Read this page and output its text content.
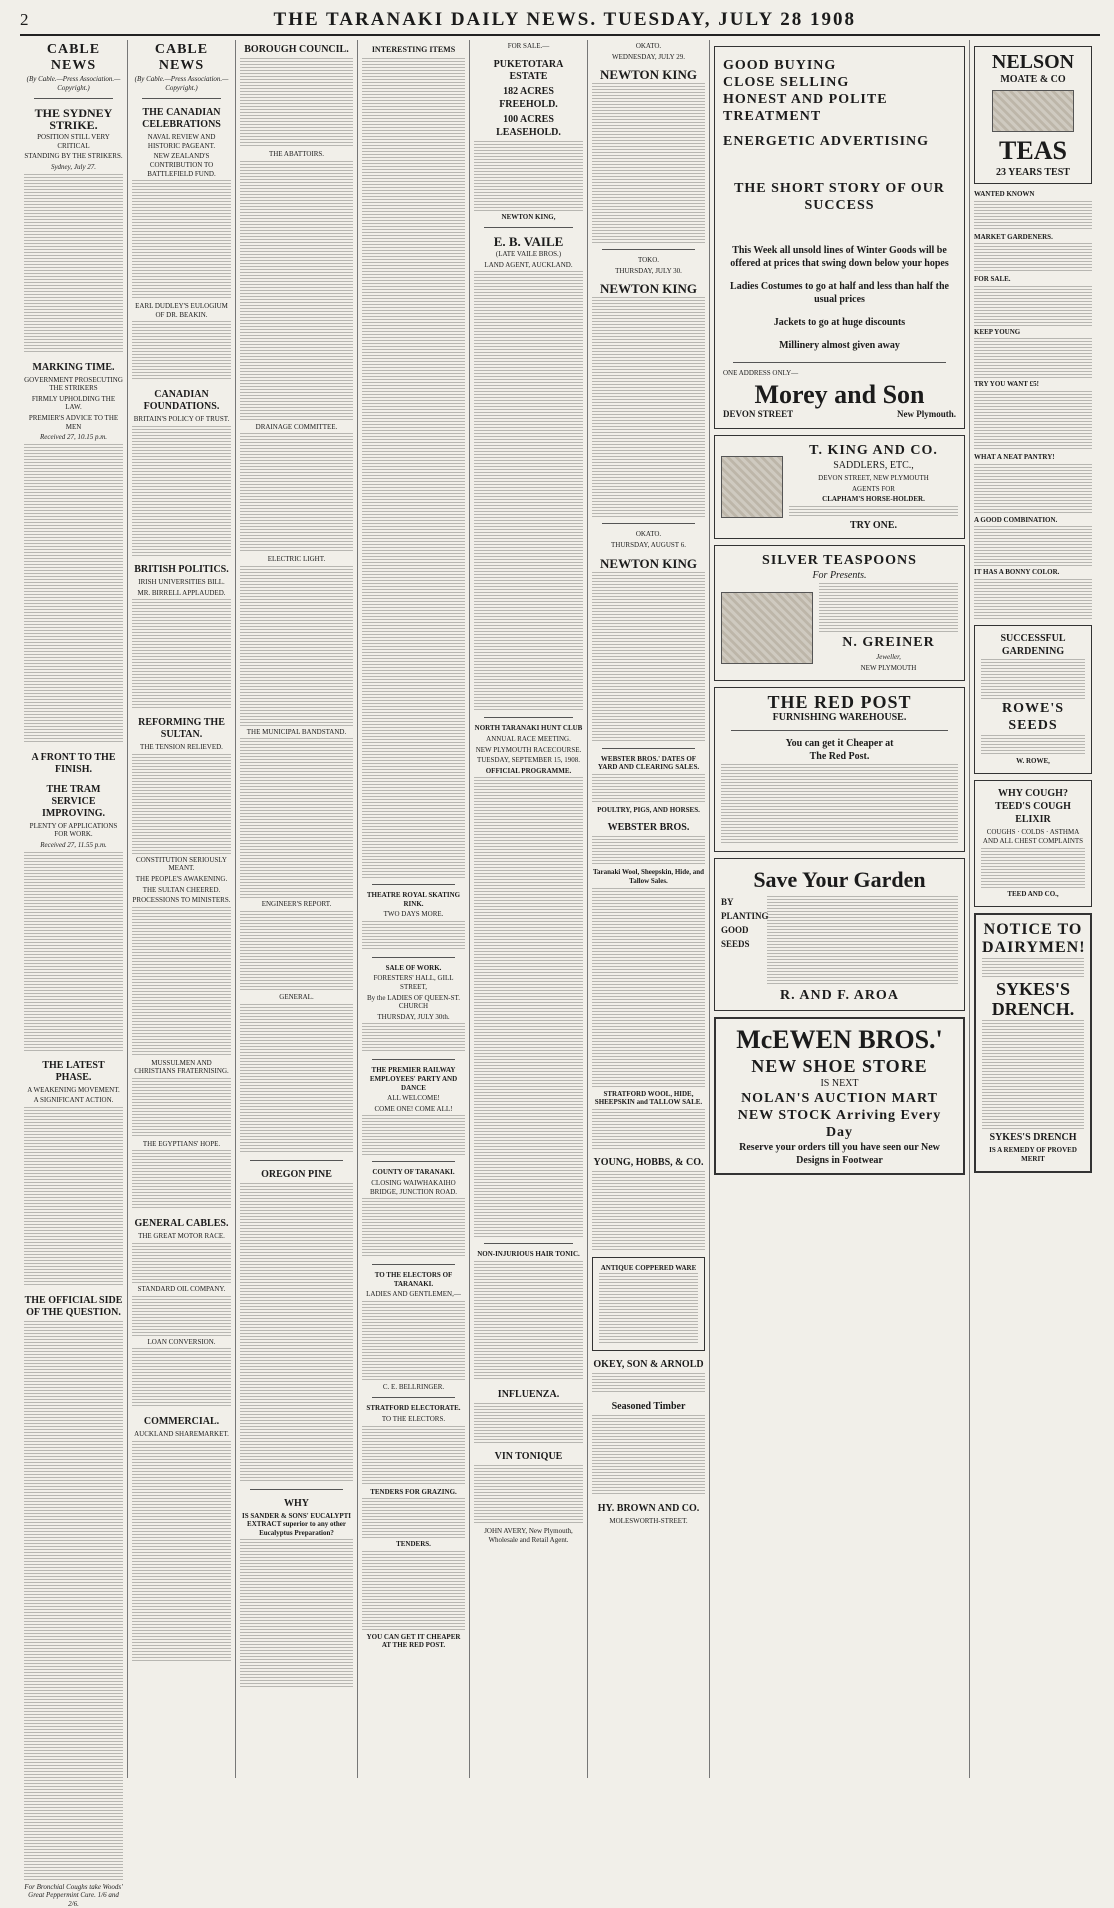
2	THE TARANAKI DAILY NEWS. TUESDAY, JULY 28 1908
CABLE NEWS
(By Cable.—Press Association.—Copyright.)
THE SYDNEY STRIKE.
POSITION STILL VERY CRITICAL
STANDING BY THE STRIKERS.
Sydney, July 27.
MARKING TIME.
GOVERNMENT PROSECUTING THE STRIKERS
FIRMLY UPHOLDING THE LAW.
PREMIER'S ADVICE TO THE MEN
Received 27, 10.15 p.m.
A FRONT TO THE FINISH.
THE TRAM SERVICE IMPROVING.
PLENTY OF APPLICATIONS FOR WORK.
Received 27, 11.55 p.m.
THE LATEST PHASE.
A WEAKENING MOVEMENT.
A SIGNIFICANT ACTION.
THE OFFICIAL SIDE OF THE QUESTION.
For Bronchial Coughs take Woods' Great Peppermint Cure. 1/6 and 2/6.
CABLE NEWS
(By Cable.—Press Association.—Copyright.)
THE CANADIAN CELEBRATIONS
NAVAL REVIEW AND HISTORIC PAGEANT.
NEW ZEALAND'S CONTRIBUTION TO BATTLEFIELD FUND.
EARL DUDLEY'S EULOGIUM OF DR. BEAKIN.
CANADIAN FOUNDATIONS.
BRITAIN'S POLICY OF TRUST.
BRITISH POLITICS.
IRISH UNIVERSITIES BILL.
MR. BIRRELL APPLAUDED.
REFORMING THE SULTAN.
THE TENSION RELIEVED.
CONSTITUTION SERIOUSLY MEANT.
THE PEOPLE'S AWAKENING.
THE SULTAN CHEERED.
PROCESSIONS TO MINISTERS.
MUSSULMEN AND CHRISTIANS FRATERNISING.
THE EGYPTIANS' HOPE.
GENERAL CABLES.
THE GREAT MOTOR RACE.
STANDARD OIL COMPANY.
LOAN CONVERSION.
COMMERCIAL.
AUCKLAND SHAREMARKET.
BOROUGH COUNCIL.
THE ABATTOIRS.
DRAINAGE COMMITTEE.
ELECTRIC LIGHT.
THE MUNICIPAL BANDSTAND.
ENGINEER'S REPORT.
GENERAL.
OREGON PINE
WHY
IS SANDER & SONS' EUCALYPTI EXTRACT superior to any other Eucalyptus Preparation?
INTERESTING ITEMS
THEATRE ROYAL SKATING RINK.
TWO DAYS MORE.
SALE OF WORK.
FORESTERS' HALL, GILL STREET,
By the LADIES OF QUEEN-ST. CHURCH
THURSDAY, JULY 30th.
THE PREMIER RAILWAY EMPLOYEES' PARTY AND DANCE
ALL WELCOME!
COME ONE! COME ALL!
COUNTY OF TARANAKI.
CLOSING WAIWHAKAIHO BRIDGE, JUNCTION ROAD.
TO THE ELECTORS OF TARANAKI.
LADIES AND GENTLEMEN,—
C. E. BELLRINGER.
STRATFORD ELECTORATE.
TO THE ELECTORS.
TENDERS FOR GRAZING.
TENDERS.
YOU CAN GET IT CHEAPER AT THE RED POST.
FOR SALE.—
PUKETOTARA ESTATE
182 ACRES FREEHOLD.
100 ACRES LEASEHOLD.
NEWTON KING,
E. B. VAILE
(LATE VAILE BROS.)
LAND AGENT, AUCKLAND.
NORTH TARANAKI HUNT CLUB
ANNUAL RACE MEETING.
NEW PLYMOUTH RACECOURSE.
TUESDAY, SEPTEMBER 15, 1908.
OFFICIAL PROGRAMME.
NON-INJURIOUS HAIR TONIC.
INFLUENZA.
VIN TONIQUE
JOHN AVERY, New Plymouth, Wholesale and Retail Agent.
OKATO.
WEDNESDAY, JULY 29.
NEWTON KING
TOKO.
THURSDAY, JULY 30.
NEWTON KING
OKATO.
THURSDAY, AUGUST 6.
NEWTON KING
WEBSTER BROS.' DATES OF YARD AND CLEARING SALES.
POULTRY, PIGS, AND HORSES.
WEBSTER BROS.
Taranaki Wool, Sheepskin, Hide, and Tallow Sales.
STRATFORD WOOL, HIDE, SHEEPSKIN and TALLOW SALE.
YOUNG, HOBBS, & CO.
ANTIQUE COPPERED WARE
OKEY, SON & ARNOLD
Seasoned Timber
HY. BROWN AND CO.
MOLESWORTH-STREET.
GOOD BUYING
CLOSE SELLING
HONEST AND POLITE TREATMENT
ENERGETIC ADVERTISING
THE SHORT STORY OF OUR SUCCESS
This Week all unsold lines of Winter Goods will be offered at prices that swing down below your hopes
Ladies Costumes to go at half and less than half the usual prices
Jackets to go at huge discounts
Millinery almost given away
ONE ADDRESS ONLY—
Morey and Son
DEVON STREET	New Plymouth.
T. KING AND CO.
SADDLERS, ETC.,
DEVON STREET, NEW PLYMOUTH
AGENTS FOR
CLAPHAM'S HORSE-HOLDER.
TRY ONE.
SILVER TEASPOONS
For Presents.
N. GREINER
Jeweller,
NEW PLYMOUTH
THE RED POST
FURNISHING WAREHOUSE.
You can get it Cheaper at
The Red Post.
Save Your Garden
BY PLANTING GOOD SEEDS
R. AND F. AROA
McEWEN BROS.'
NEW SHOE STORE
IS NEXT
NOLAN'S AUCTION MART
NEW STOCK Arriving Every Day
Reserve your orders till you have seen our New Designs in Footwear
NELSON
MOATE & CO
TEAS
23 YEARS TEST
WANTED KNOWN
MARKET GARDENERS.
FOR SALE.
KEEP YOUNG
TRY YOU WANT £5!
WHAT A NEAT PANTRY!
A GOOD COMBINATION.
IT HAS A BONNY COLOR.
SUCCESSFUL GARDENING
ROWE'S SEEDS
W. ROWE,
WHY COUGH?
TEED'S COUGH ELIXIR
COUGHS · COLDS · ASTHMA AND ALL CHEST COMPLAINTS
TEED AND CO.,
NOTICE TO DAIRYMEN!
SYKES'S DRENCH.
SYKES'S DRENCH
IS A REMEDY OF PROVED MERIT
